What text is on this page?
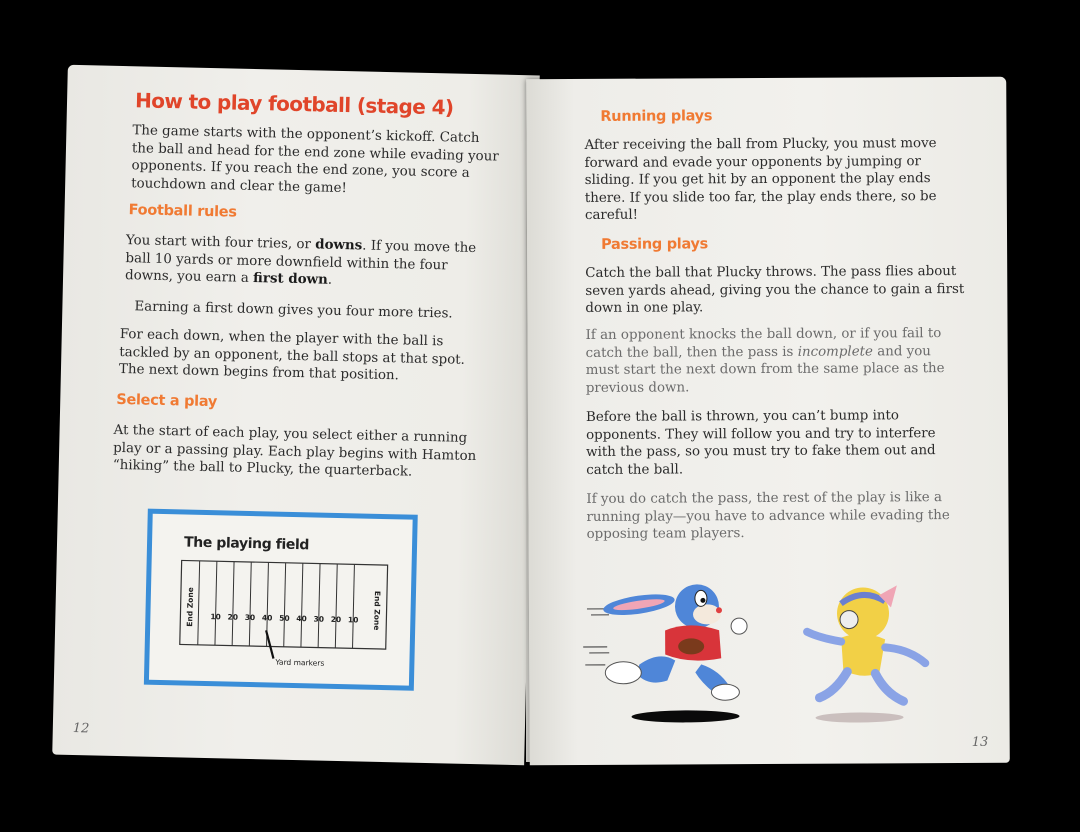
How to play football (stage 4)

The game starts with the opponent’s kickoff. Catch the ball and head for the end zone while evading your opponents. If you reach the end zone, you score a touchdown and clear the game!

Football rules

You start with four tries, or downs. If you move the ball 10 yards or more downfield within the four downs, you earn a first down.

Earning a first down gives you four more tries.

For each down, when the player with the ball is tackled by an opponent, the ball stops at that spot. The next down begins from that position.

Select a play

At the start of each play, you select either a running play or a passing play. Each play begins with Hamton “hiking” the ball to Plucky, the quarterback.

The playing field
10 20 30 40 50 40 30 20 10
End Zone	End Zone
Yard markers
12
Running plays

After receiving the ball from Plucky, you must move forward and evade your opponents by jumping or sliding. If you get hit by an opponent the play ends there. If you slide too far, the play ends there, so be careful!

Passing plays

Catch the ball that Plucky throws. The pass flies about seven yards ahead, giving you the chance to gain a first down in one play.

If an opponent knocks the ball down, or if you fail to catch the ball, then the pass is incomplete and you must start the next down from the same place as the previous down.

Before the ball is thrown, you can’t bump into opponents. They will follow you and try to interfere with the pass, so you must try to fake them out and catch the ball.

If you do catch the pass, the rest of the play is like a running play—you have to advance while evading the opposing team players.

13
